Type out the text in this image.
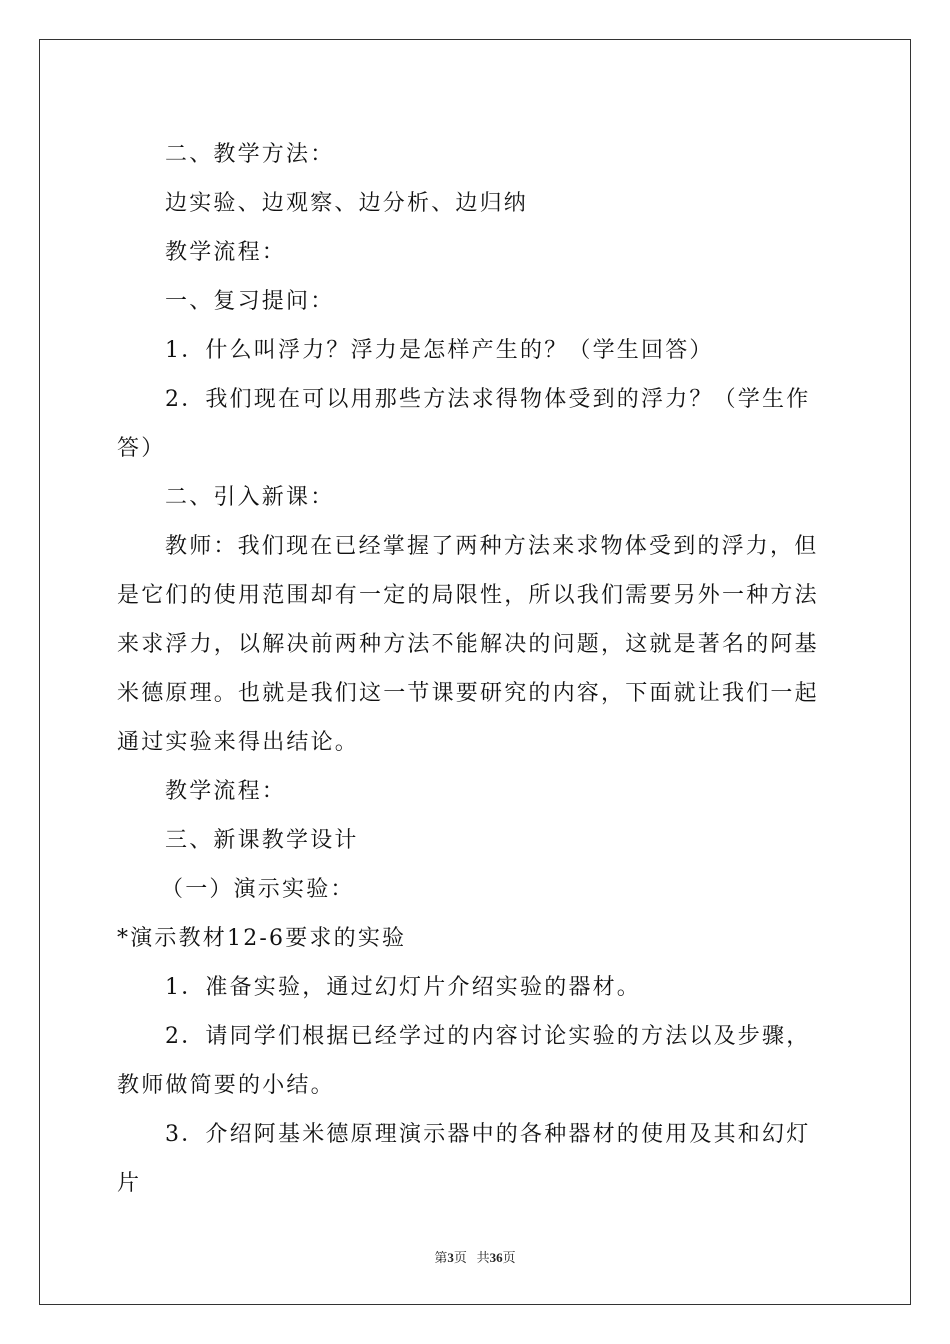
二、教学方法：

边实验、边观察、边分析、边归纳

教学流程：

一、复习提问：

1．什么叫浮力？浮力是怎样产生的？（学生回答）

2．我们现在可以用那些方法求得物体受到的浮力？（学生作答）

二、引入新课：

教师：我们现在已经掌握了两种方法来求物体受到的浮力，但是它们的使用范围却有一定的局限性，所以我们需要另外一种方法来求浮力，以解决前两种方法不能解决的问题，这就是著名的阿基米德原理。也就是我们这一节课要研究的内容，下面就让我们一起通过实验来得出结论。

教学流程：

三、新课教学设计

（一）演示实验：

*演示教材12-6要求的实验

1．准备实验，通过幻灯片介绍实验的器材。

2．请同学们根据已经学过的内容讨论实验的方法以及步骤，教师做简要的小结。

3．介绍阿基米德原理演示器中的各种器材的使用及其和幻灯片

第3页 共36页
